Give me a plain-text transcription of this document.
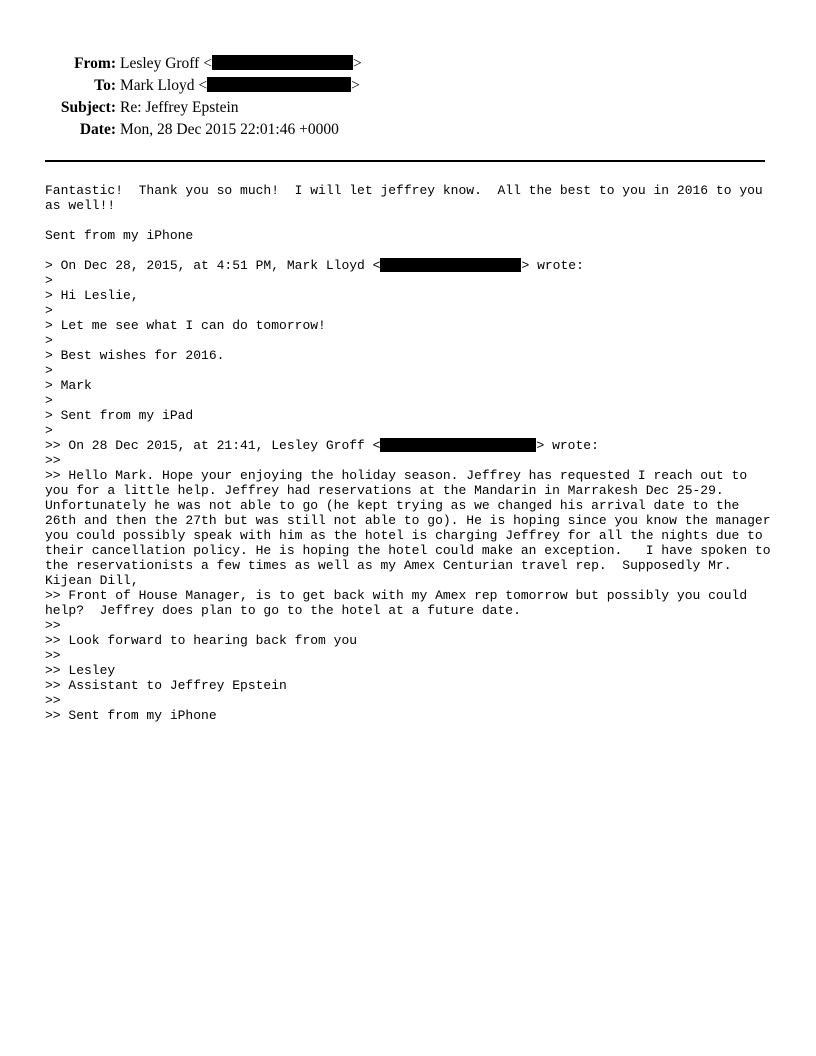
From: Lesley Groff <	>
To: Mark Lloyd <	>
Subject: Re: Jeffrey Epstein
Date: Mon, 28 Dec 2015 22:01:46 +0000
Fantastic!  Thank you so much!  I will let jeffrey know.  All the best to you in 2016 to you
as well!!
Sent from my iPhone
> On Dec 28, 2015, at 4:51 PM, Mark Lloyd <	> wrote:
>
> Hi Leslie,
>
> Let me see what I can do tomorrow!
>
> Best wishes for 2016.
>
> Mark
>
> Sent from my iPad
>
>> On 28 Dec 2015, at 21:41, Lesley Groff <	> wrote:
>>
>> Hello Mark. Hope your enjoying the holiday season. Jeffrey has requested I reach out to
you for a little help. Jeffrey had reservations at the Mandarin in Marrakesh Dec 25-29.
Unfortunately he was not able to go (he kept trying as we changed his arrival date to the
26th and then the 27th but was still not able to go). He is hoping since you know the manager
you could possibly speak with him as the hotel is charging Jeffrey for all the nights due to
their cancellation policy. He is hoping the hotel could make an exception.   I have spoken to
the reservationists a few times as well as my Amex Centurian travel rep.  Supposedly Mr.
Kijean Dill,
>> Front of House Manager, is to get back with my Amex rep tomorrow but possibly you could
help?  Jeffrey does plan to go to the hotel at a future date.
>>
>> Look forward to hearing back from you
>>
>> Lesley
>> Assistant to Jeffrey Epstein
>>
>> Sent from my iPhone
